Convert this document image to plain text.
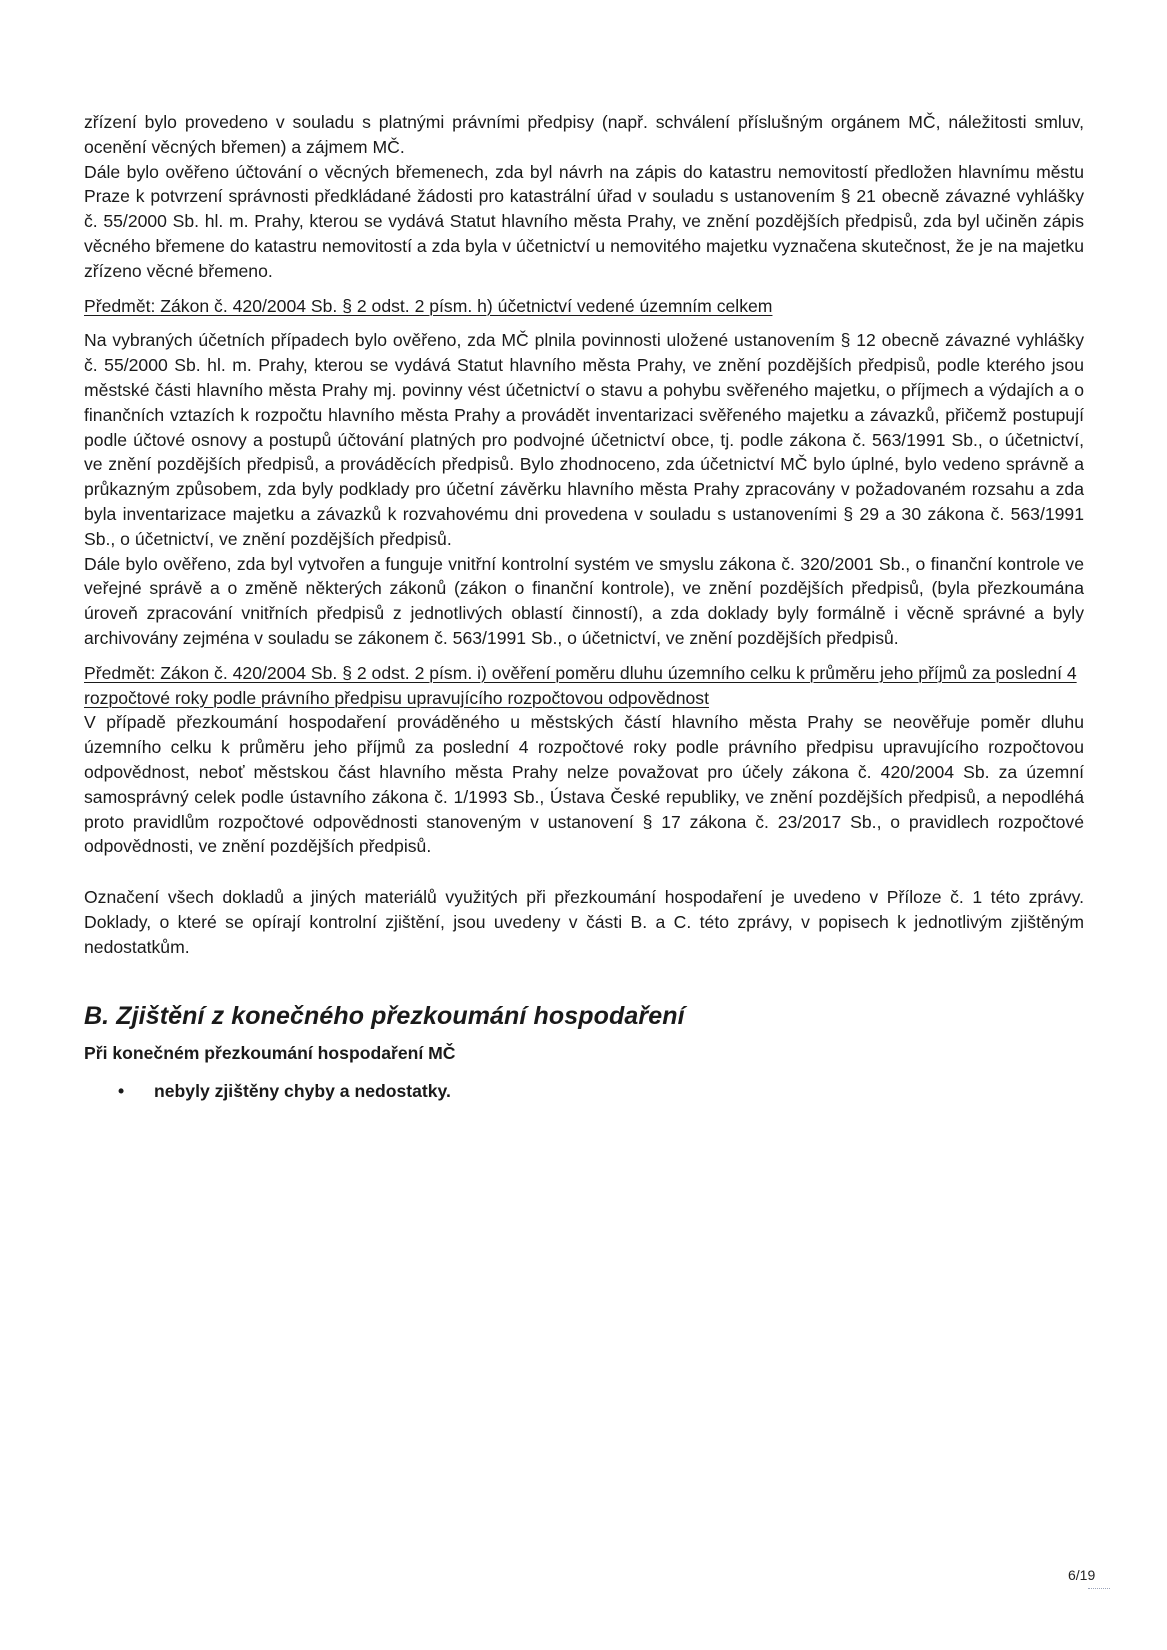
zřízení bylo provedeno v souladu s platnými právními předpisy (např. schválení příslušným orgánem MČ, náležitosti smluv, ocenění věcných břemen) a zájmem MČ.

Dále bylo ověřeno účtování o věcných břemenech, zda byl návrh na zápis do katastru nemovitostí předložen hlavnímu městu Praze k potvrzení správnosti předkládané žádosti pro katastrální úřad v souladu s ustanovením § 21 obecně závazné vyhlášky č. 55/2000 Sb. hl. m. Prahy, kterou se vydává Statut hlavního města Prahy, ve znění pozdějších předpisů, zda byl učiněn zápis věcného břemene do katastru nemovitostí a zda byla v účetnictví u nemovitého majetku vyznačena skutečnost, že je na majetku zřízeno věcné břemeno.

Předmět: Zákon č. 420/2004 Sb. § 2 odst. 2 písm. h) účetnictví vedené územním celkem

Na vybraných účetních případech bylo ověřeno, zda MČ plnila povinnosti uložené ustanovením § 12 obecně závazné vyhlášky č. 55/2000 Sb. hl. m. Prahy, kterou se vydává Statut hlavního města Prahy, ve znění pozdějších předpisů, podle kterého jsou městské části hlavního města Prahy mj. povinny vést účetnictví o stavu a pohybu svěřeného majetku, o příjmech a výdajích a o finančních vztazích k rozpočtu hlavního města Prahy a provádět inventarizaci svěřeného majetku a závazků, přičemž postupují podle účtové osnovy a postupů účtování platných pro podvojné účetnictví obce, tj. podle zákona č. 563/1991 Sb., o účetnictví, ve znění pozdějších předpisů, a prováděcích předpisů. Bylo zhodnoceno, zda účetnictví MČ bylo úplné, bylo vedeno správně a průkazným způsobem, zda byly podklady pro účetní závěrku hlavního města Prahy zpracovány v požadovaném rozsahu a zda byla inventarizace majetku a závazků k rozvahovému dni provedena v souladu s ustanoveními § 29 a 30 zákona č. 563/1991 Sb., o účetnictví, ve znění pozdějších předpisů.

Dále bylo ověřeno, zda byl vytvořen a funguje vnitřní kontrolní systém ve smyslu zákona č. 320/2001 Sb., o finanční kontrole ve veřejné správě a o změně některých zákonů (zákon o finanční kontrole), ve znění pozdějších předpisů, (byla přezkoumána úroveň zpracování vnitřních předpisů z jednotlivých oblastí činností), a zda doklady byly formálně i věcně správné a byly archivovány zejména v souladu se zákonem č. 563/1991 Sb., o účetnictví, ve znění pozdějších předpisů.

Předmět: Zákon č. 420/2004 Sb. § 2 odst. 2 písm. i) ověření poměru dluhu územního celku k průměru jeho příjmů za poslední 4 rozpočtové roky podle právního předpisu upravujícího rozpočtovou odpovědnost

V případě přezkoumání hospodaření prováděného u městských částí hlavního města Prahy se neověřuje poměr dluhu územního celku k průměru jeho příjmů za poslední 4 rozpočtové roky podle právního předpisu upravujícího rozpočtovou odpovědnost, neboť městskou část hlavního města Prahy nelze považovat pro účely zákona č. 420/2004 Sb. za územní samosprávný celek podle ústavního zákona č. 1/1993 Sb., Ústava České republiky, ve znění pozdějších předpisů, a nepodléhá proto pravidlům rozpočtové odpovědnosti stanoveným v ustanovení § 17 zákona č. 23/2017 Sb., o pravidlech rozpočtové odpovědnosti, ve znění pozdějších předpisů.

Označení všech dokladů a jiných materiálů využitých při přezkoumání hospodaření je uvedeno v Příloze č. 1 této zprávy. Doklady, o které se opírají kontrolní zjištění, jsou uvedeny v části B. a C. této zprávy, v popisech k jednotlivým zjištěným nedostatkům.

B. Zjištění z konečného přezkoumání hospodaření

Při konečném přezkoumání hospodaření MČ

• nebyly zjištěny chyby a nedostatky.
6/19
